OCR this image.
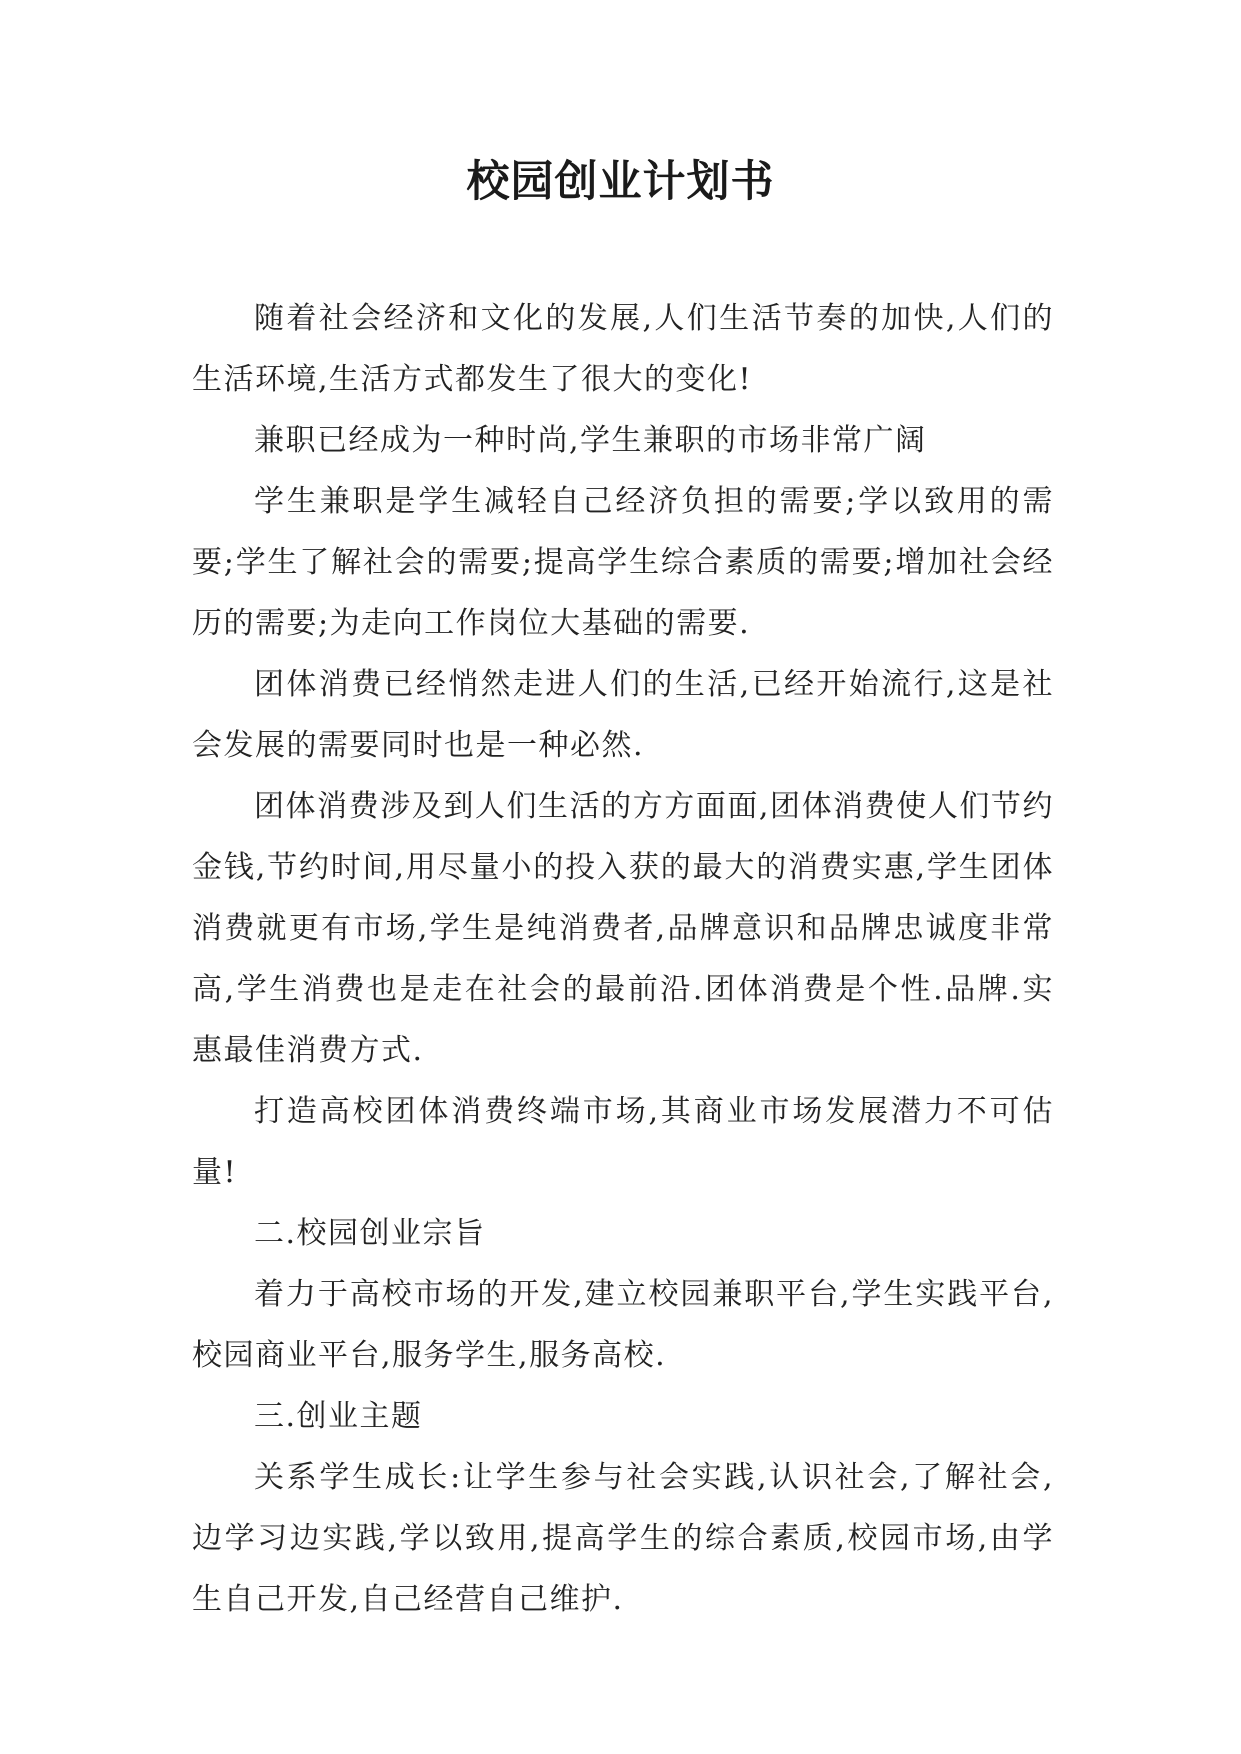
校园创业计划书

随着社会经济和文化的发展,人们生活节奏的加快,人们的生活环境,生活方式都发生了很大的变化!

兼职已经成为一种时尚,学生兼职的市场非常广阔

学生兼职是学生减轻自己经济负担的需要;学以致用的需要;学生了解社会的需要;提高学生综合素质的需要;增加社会经历的需要;为走向工作岗位大基础的需要.

团体消费已经悄然走进人们的生活,已经开始流行,这是社会发展的需要同时也是一种必然.

团体消费涉及到人们生活的方方面面,团体消费使人们节约金钱,节约时间,用尽量小的投入获的最大的消费实惠,学生团体消费就更有市场,学生是纯消费者,品牌意识和品牌忠诚度非常高,学生消费也是走在社会的最前沿.团体消费是个性.品牌.实惠最佳消费方式.

打造高校团体消费终端市场,其商业市场发展潜力不可估量!

二.校园创业宗旨

着力于高校市场的开发,建立校园兼职平台,学生实践平台,校园商业平台,服务学生,服务高校.

三.创业主题

关系学生成长:让学生参与社会实践,认识社会,了解社会,边学习边实践,学以致用,提高学生的综合素质,校园市场,由学生自己开发,自己经营自己维护.
